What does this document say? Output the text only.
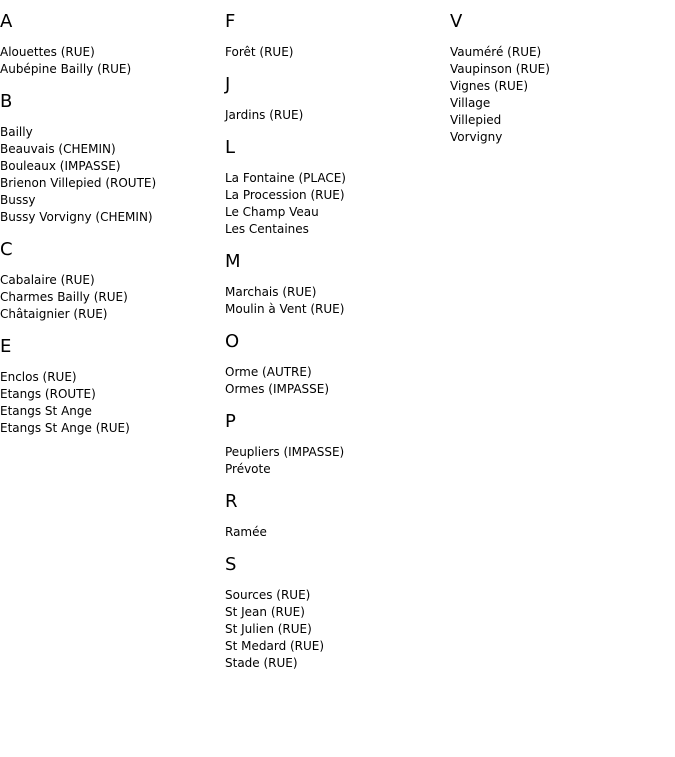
A
Alouettes (RUE)
Aubépine Bailly (RUE)
B
Bailly
Beauvais (CHEMIN)
Bouleaux (IMPASSE)
Brienon Villepied (ROUTE)
Bussy
Bussy Vorvigny (CHEMIN)
C
Cabalaire (RUE)
Charmes Bailly (RUE)
Châtaignier (RUE)
E
Enclos (RUE)
Etangs (ROUTE)
Etangs St Ange
Etangs St Ange (RUE)
F
Forêt (RUE)
J
Jardins (RUE)
L
La Fontaine (PLACE)
La Procession (RUE)
Le Champ Veau
Les Centaines
M
Marchais (RUE)
Moulin à Vent (RUE)
O
Orme (AUTRE)
Ormes (IMPASSE)
P
Peupliers (IMPASSE)
Prévote
R
Ramée
S
Sources (RUE)
St Jean (RUE)
St Julien (RUE)
St Medard (RUE)
Stade (RUE)
V
Vauméré (RUE)
Vaupinson (RUE)
Vignes (RUE)
Village
Villepied
Vorvigny
